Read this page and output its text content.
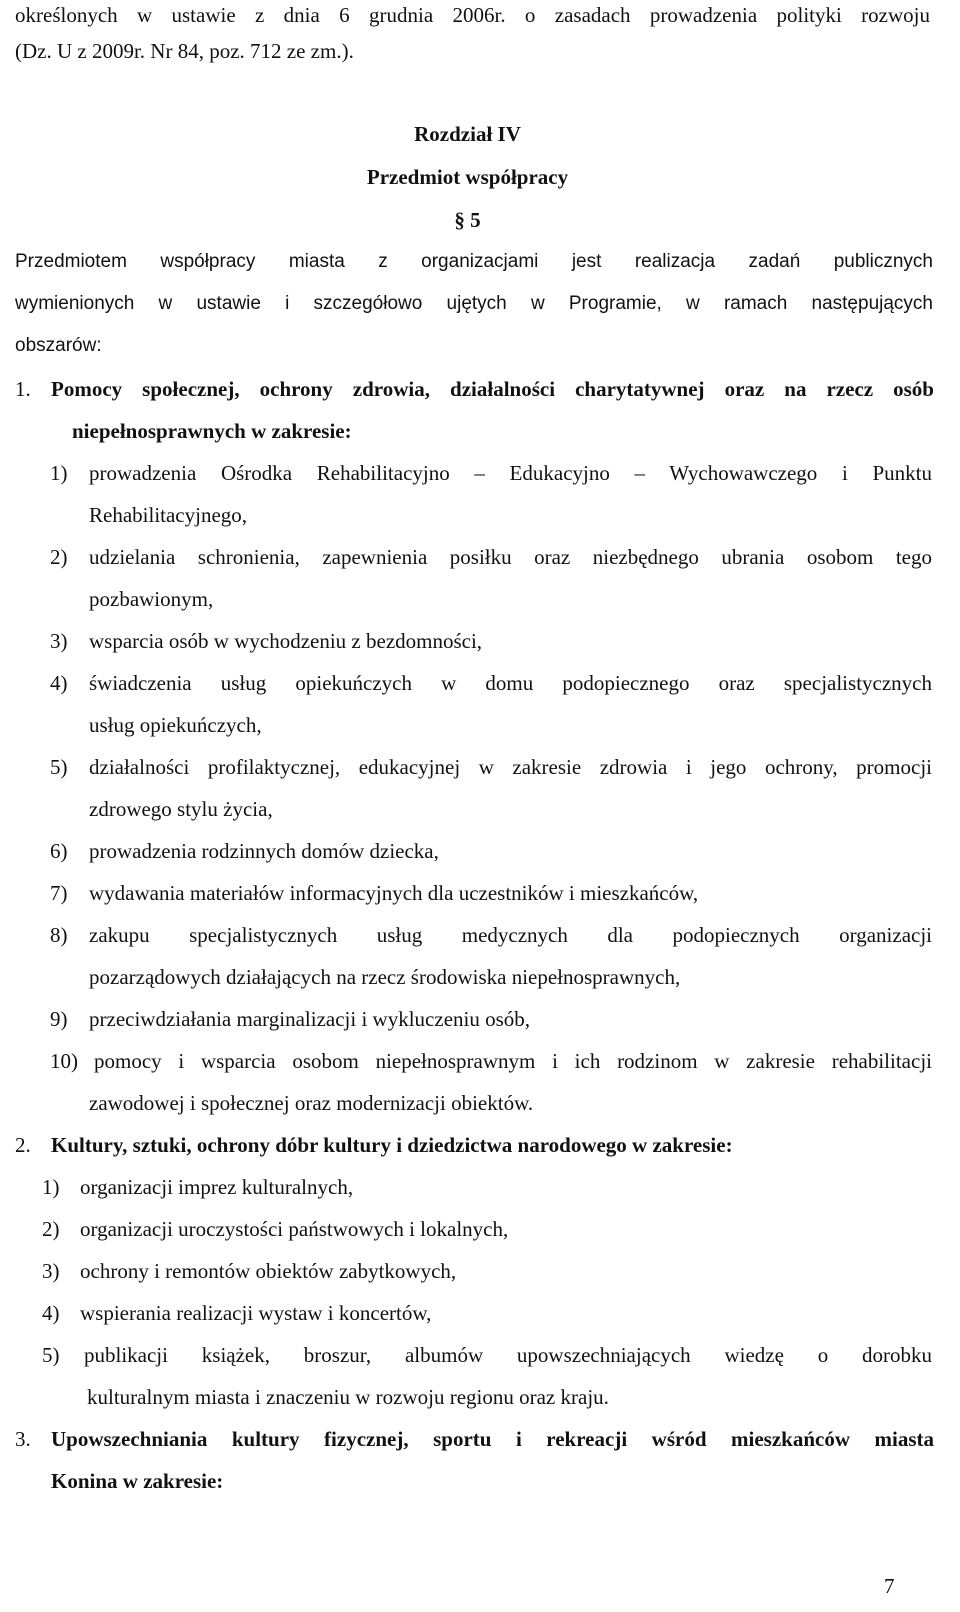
określonych w ustawie z dnia 6 grudnia 2006r. o zasadach prowadzenia polityki rozwoju
(Dz. U z 2009r. Nr 84, poz. 712 ze zm.).
Rozdział IV
Przedmiot współpracy
§ 5
Przedmiotem współpracy miasta z organizacjami jest realizacja zadań publicznych
wymienionych w ustawie i szczegółowo ujętych w Programie, w ramach następujących
obszarów:
1. Pomocy społecznej, ochrony zdrowia, działalności charytatywnej oraz na rzecz osób
niepełnosprawnych w zakresie:
1) prowadzenia Ośrodka Rehabilitacyjno – Edukacyjno – Wychowawczego i Punktu
Rehabilitacyjnego,
2) udzielania schronienia, zapewnienia posiłku oraz niezbędnego ubrania osobom tego
pozbawionym,
3) wsparcia osób w wychodzeniu z bezdomności,
4) świadczenia usług opiekuńczych w domu podopiecznego oraz specjalistycznych
usług opiekuńczych,
5) działalności profilaktycznej, edukacyjnej w zakresie zdrowia i jego ochrony, promocji
zdrowego stylu życia,
6) prowadzenia rodzinnych domów dziecka,
7) wydawania materiałów informacyjnych dla uczestników i mieszkańców,
8) zakupu specjalistycznych usług medycznych dla podopiecznych organizacji
pozarządowych działających na rzecz środowiska niepełnosprawnych,
9) przeciwdziałania marginalizacji i wykluczeniu osób,
10) pomocy i wsparcia osobom niepełnosprawnym i ich rodzinom w zakresie rehabilitacji
zawodowej i społecznej oraz modernizacji obiektów.
2. Kultury, sztuki, ochrony dóbr kultury i dziedzictwa narodowego w zakresie:
1) organizacji imprez kulturalnych,
2) organizacji uroczystości państwowych i lokalnych,
3) ochrony i remontów obiektów zabytkowych,
4) wspierania realizacji wystaw i koncertów,
5) publikacji książek, broszur, albumów upowszechniających wiedzę o dorobku
kulturalnym miasta i znaczeniu w rozwoju regionu oraz kraju.
3. Upowszechniania kultury fizycznej, sportu i rekreacji wśród mieszkańców miasta
Konina w zakresie:
7
